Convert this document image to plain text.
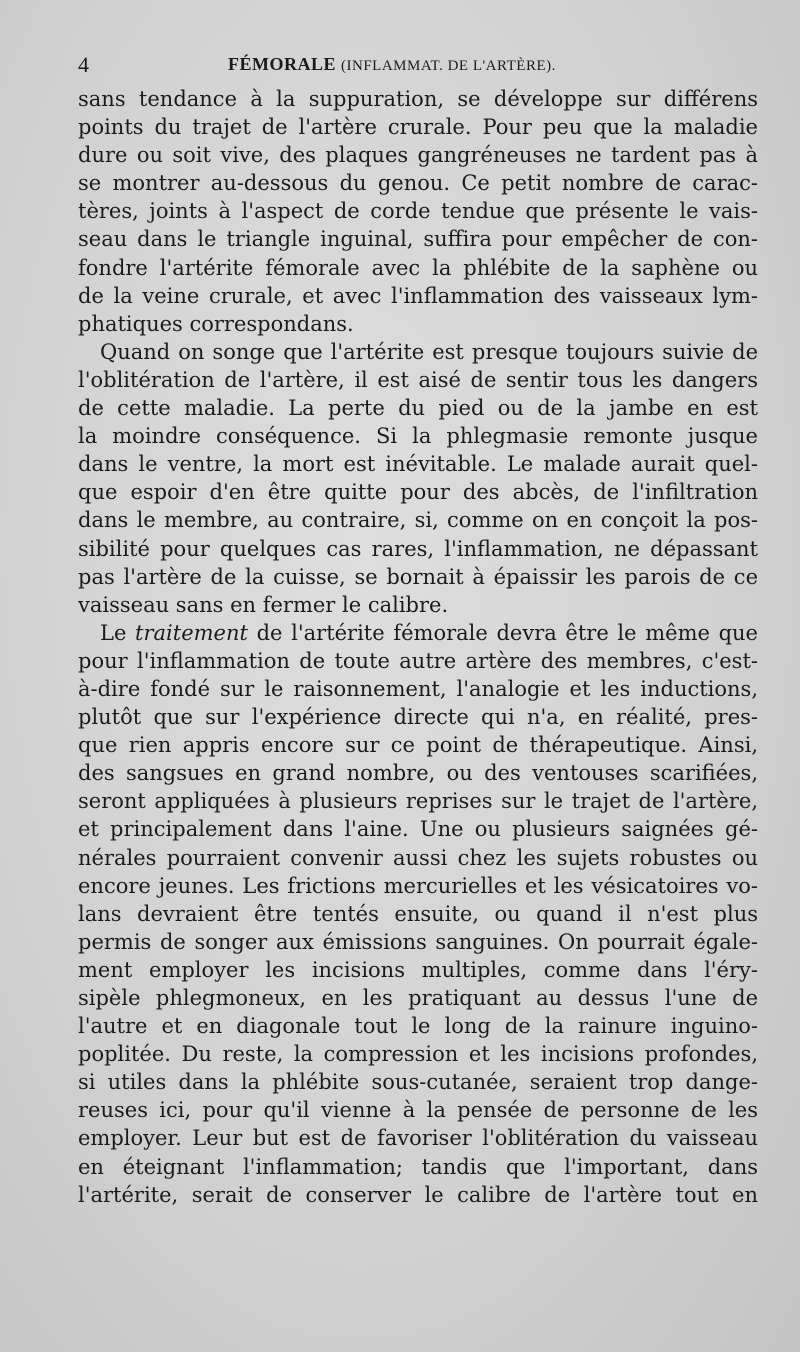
4	FÉMORALE (INFLAMMAT. DE L'ARTÈRE).
sans tendance à la suppuration, se développe sur différens
points du trajet de l'artère crurale. Pour peu que la maladie
dure ou soit vive, des plaques gangréneuses ne tardent pas à
se montrer au-dessous du genou. Ce petit nombre de carac-
tères, joints à l'aspect de corde tendue que présente le vais-
seau dans le triangle inguinal, suffira pour empêcher de con-
fondre l'artérite fémorale avec la phlébite de la saphène ou
de la veine crurale, et avec l'inflammation des vaisseaux lym-
phatiques correspondans.
Quand on songe que l'artérite est presque toujours suivie de
l'oblitération de l'artère, il est aisé de sentir tous les dangers
de cette maladie. La perte du pied ou de la jambe en est
la moindre conséquence. Si la phlegmasie remonte jusque
dans le ventre, la mort est inévitable. Le malade aurait quel-
que espoir d'en être quitte pour des abcès, de l'infiltration
dans le membre, au contraire, si, comme on en conçoit la pos-
sibilité pour quelques cas rares, l'inflammation, ne dépassant
pas l'artère de la cuisse, se bornait à épaissir les parois de ce
vaisseau sans en fermer le calibre.
Le traitement de l'artérite fémorale devra être le même que
pour l'inflammation de toute autre artère des membres, c'est-
à-dire fondé sur le raisonnement, l'analogie et les inductions,
plutôt que sur l'expérience directe qui n'a, en réalité, pres-
que rien appris encore sur ce point de thérapeutique. Ainsi,
des sangsues en grand nombre, ou des ventouses scarifiées,
seront appliquées à plusieurs reprises sur le trajet de l'artère,
et principalement dans l'aine. Une ou plusieurs saignées gé-
nérales pourraient convenir aussi chez les sujets robustes ou
encore jeunes. Les frictions mercurielles et les vésicatoires vo-
lans devraient être tentés ensuite, ou quand il n'est plus
permis de songer aux émissions sanguines. On pourrait égale-
ment employer les incisions multiples, comme dans l'éry-
sipèle phlegmoneux, en les pratiquant au dessus l'une de
l'autre et en diagonale tout le long de la rainure inguino-
poplitée. Du reste, la compression et les incisions profondes,
si utiles dans la phlébite sous-cutanée, seraient trop dange-
reuses ici, pour qu'il vienne à la pensée de personne de les
employer. Leur but est de favoriser l'oblitération du vaisseau
en éteignant l'inflammation; tandis que l'important, dans
l'artérite, serait de conserver le calibre de l'artère tout en
